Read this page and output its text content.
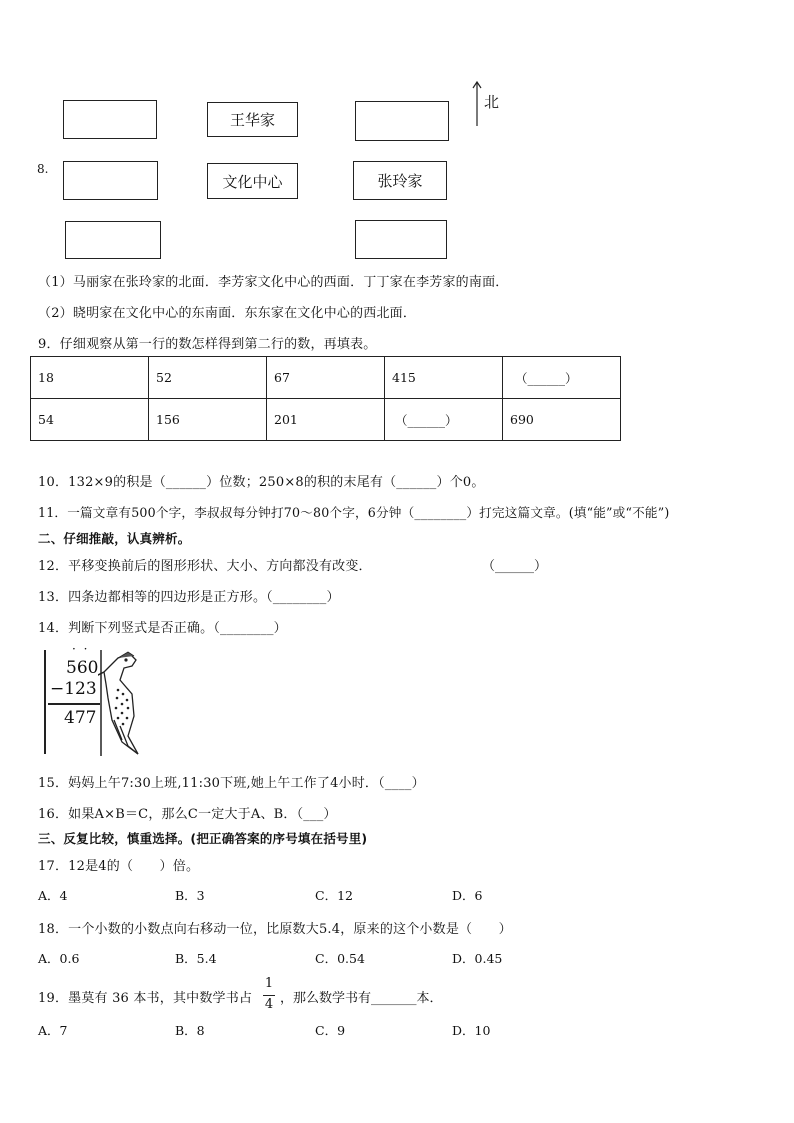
王华家
北
8.
文化中心	张玲家
（1）马丽家在张玲家的北面．李芳家文化中心的西面．丁丁家在李芳家的南面．
（2）晓明家在文化中心的东南面．东东家在文化中心的西北面．
9．仔细观察从第一行的数怎样得到第二行的数，再填表。
18	52	67	415	（______）
54	156	201	（______）	690
10．132×9的积是（______）位数；250×8的积的末尾有（______）个0。
11．一篇文章有500个字，李叔叔每分钟打70～80个字，6分钟（________）打完这篇文章。(填“能”或“不能”)
二、仔细推敲，认真辨析。
12．平移变换前后的图形形状、大小、方向都没有改变．	（______）
13．四条边都相等的四边形是正方形。（________）
14．判断下列竖式是否正确。（________）
· ·
560
−123
477
15．妈妈上午7:30上班,11:30下班,她上午工作了4小时．（____）
16．如果A×B＝C，那么C一定大于A、B．（___）
三、反复比较，慎重选择。(把正确答案的序号填在括号里)
17．12是4的（　　）倍。
A．4	B．3	C．12	D．6
18．一个小数的小数点向右移动一位，比原数大5.4，原来的这个小数是（　　）
A．0.6	B．5.4	C．0.54	D．0.45
19．墨莫有 36 本书，其中数学书占
1
4 ，那么数学书有_______本．
A．7	B．8	C．9	D．10
